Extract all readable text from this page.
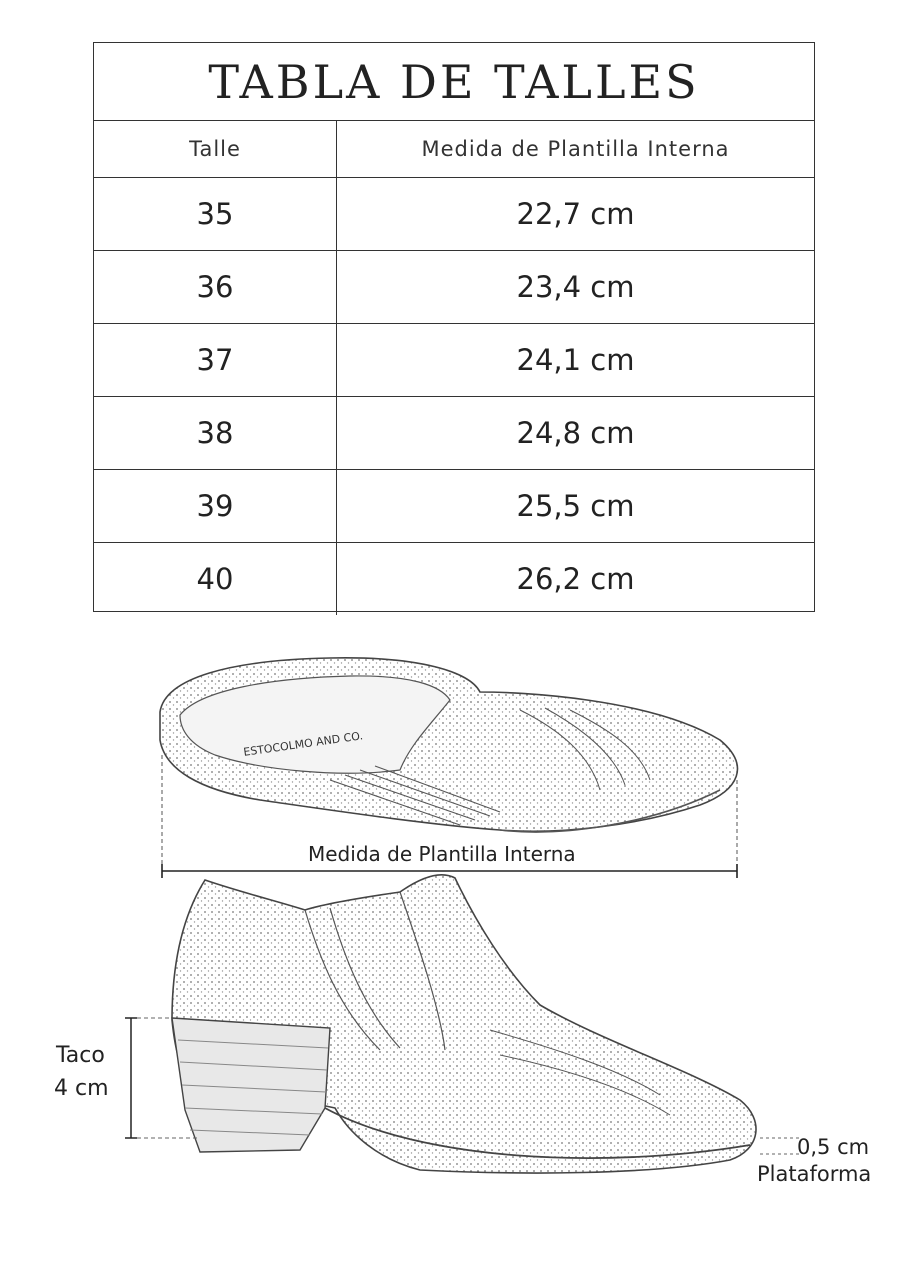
TABLA DE TALLES
Talle	Medida de Plantilla Interna
35	22,7 cm
36	23,4 cm
37	24,1 cm
38	24,8 cm
39	25,5 cm
40	26,2 cm
ESTOCOLMO AND CO.
Medida de Plantilla Interna
Taco
4 cm
0,5 cm
Plataforma
